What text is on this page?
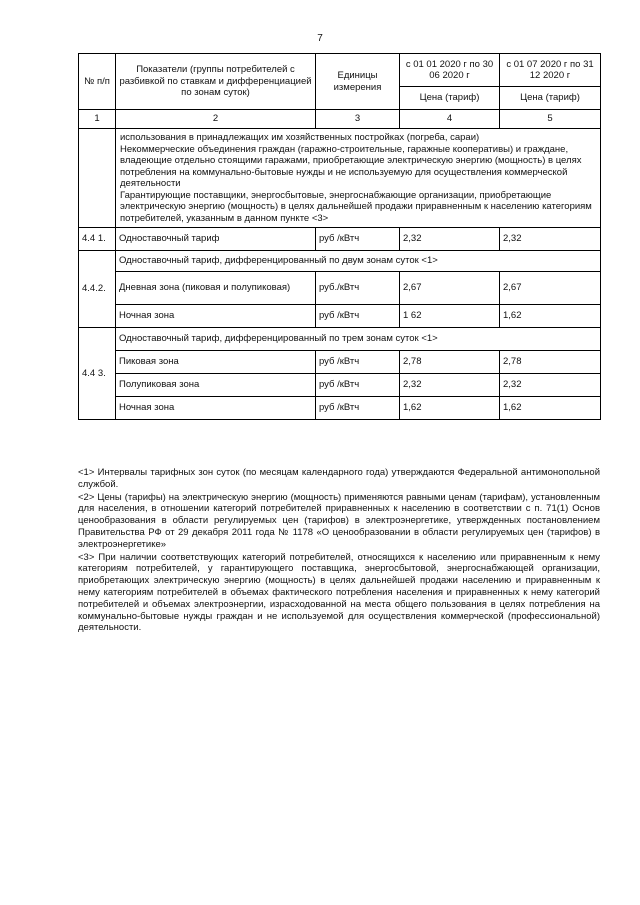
7
№ п/п	Показатели (группы потребителей с разбивкой по ставкам и дифференциацией по зонам суток)	Единицы измерения	с 01 01 2020 г по 30 06 2020 г	с 01 07 2020 г по 31 12 2020 г
			Цена (тариф)	Цена (тариф)
1	2	3	4	5

	использования в принадлежащих им хозяйственных постройках (погреба, сараи)
Некоммерческие объединения граждан (гаражно-строительные, гаражные кооперативы) и граждане, владеющие отдельно стоящими гаражами, приобретающие электрическую энергию (мощность) в целях потребления на коммунально-бытовые нужды и не используемую для осуществления коммерческой деятельности
Гарантирующие поставщики, энергосбытовые, энергоснабжающие организации, приобретающие электрическую энергию (мощность) в целях дальнейшей продажи приравненным к населению категориям потребителей, указанным в данном пункте <3>			

4.4 1.	Одноставочный тариф	руб /кВтч	2,32	2,32
4.4.2.	Одноставочный тариф, дифференцированный по двум зонам суток <1>			
	Дневная зона (пиковая и полупиковая)	руб./кВтч	2,67	2,67
	Ночная зона	руб /кВтч	1 62	1,62
4.4 3.	Одноставочный тариф, дифференцированный по трем зонам суток <1>			
	Пиковая зона	руб /кВтч	2,78	2,78
	Полупиковая зона	руб /кВтч	2,32	2,32
	Ночная зона	руб /кВтч	1,62	1,62

<1> Интервалы тарифных зон суток (по месяцам календарного года) утверждаются Федеральной антимонопольной службой.

<2> Цены (тарифы) на электрическую энергию (мощность) применяются равными ценам (тарифам), установленным для населения, в отношении категорий потребителей приравненных к населению в соответствии с п. 71(1) Основ ценообразования в области регулируемых цен (тарифов) в электроэнергетике, утвержденных постановлением Правительства РФ от 29 декабря 2011 года № 1178 «О ценообразовании в области регулируемых цен (тарифов) в электроэнергетике»

<3> При наличии соответствующих категорий потребителей, относящихся к населению или приравненным к нему категориям потребителей, у гарантирующего поставщика, энергосбытовой, энергоснабжающей организации, приобретающих электрическую энергию (мощность) в целях дальнейшей продажи населению и приравненным к нему категориям потребителей в объемах фактического потребления населения и приравненных к нему категорий потребителей и объемах электроэнергии, израсходованной на места общего пользования в целях потребления на коммунально-бытовые нужды граждан и не используемой для осуществления коммерческой (профессиональной) деятельности.
